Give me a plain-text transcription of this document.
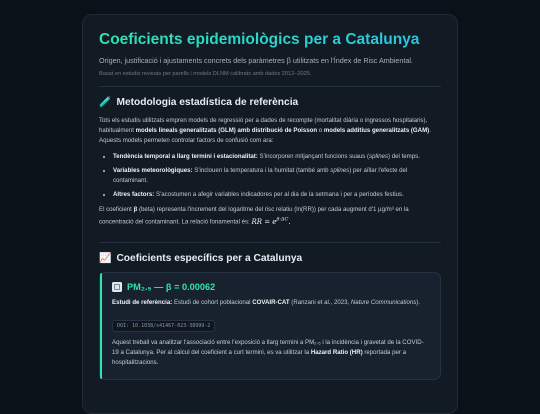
Coeficients epidemiològics per a Catalunya
Origen, justificació i ajustaments concrets dels paràmetres β utilitzats en l'Índex de Risc Ambiental.
Basat en estudis revisats per parells i models DLNM calibrats amb dades 2012–2025.
🧪 Metodologia estadística de referència

Tots els estudis utilitzats empren models de regressió per a dades de recompte (mortalitat diària o ingressos hospitalaris), habitualment models lineals generalitzats (GLM) amb distribució de Poisson o models additius generalitzats (GAM). Aquests models permeten controlar factors de confusió com ara:

• Tendència temporal a llarg termini i estacionalitat: S'incorporen mitjançant funcions suaus (splines) del temps.
• Variables meteorològiques: S'inclouen la temperatura i la humitat (també amb splines) per aïllar l'efecte del contaminant.
• Altres factors: S'acostumen a afegir variables indicadores per al dia de la setmana i per a períodes festius.

El coeficient β (beta) representa l'increment del logaritme del risc relatiu (ln(RR)) per cada augment d'1 µg/m³ en la concentració del contaminant. La relació fonamental és: RR = $e^{\beta\cdot\Delta C}$.

📈 Coeficients específics per a Catalunya
PM₂.₅ — β = 0.00062

Estudi de referència: Estudi de cohort poblacional COVAIR-CAT (Ranzani et al., 2023, Nature Communications).

DOI: 10.1038/s41467-023-38999-2

Aquest treball va analitzar l'associació entre l'exposició a llarg termini a PM₂.₅ i la incidència i gravetat de la COVID-19 a Catalunya. Per al càlcul del coeficient a curt termini, es va utilitzar la Hazard Ratio (HR) reportada per a hospitalitzacions.
